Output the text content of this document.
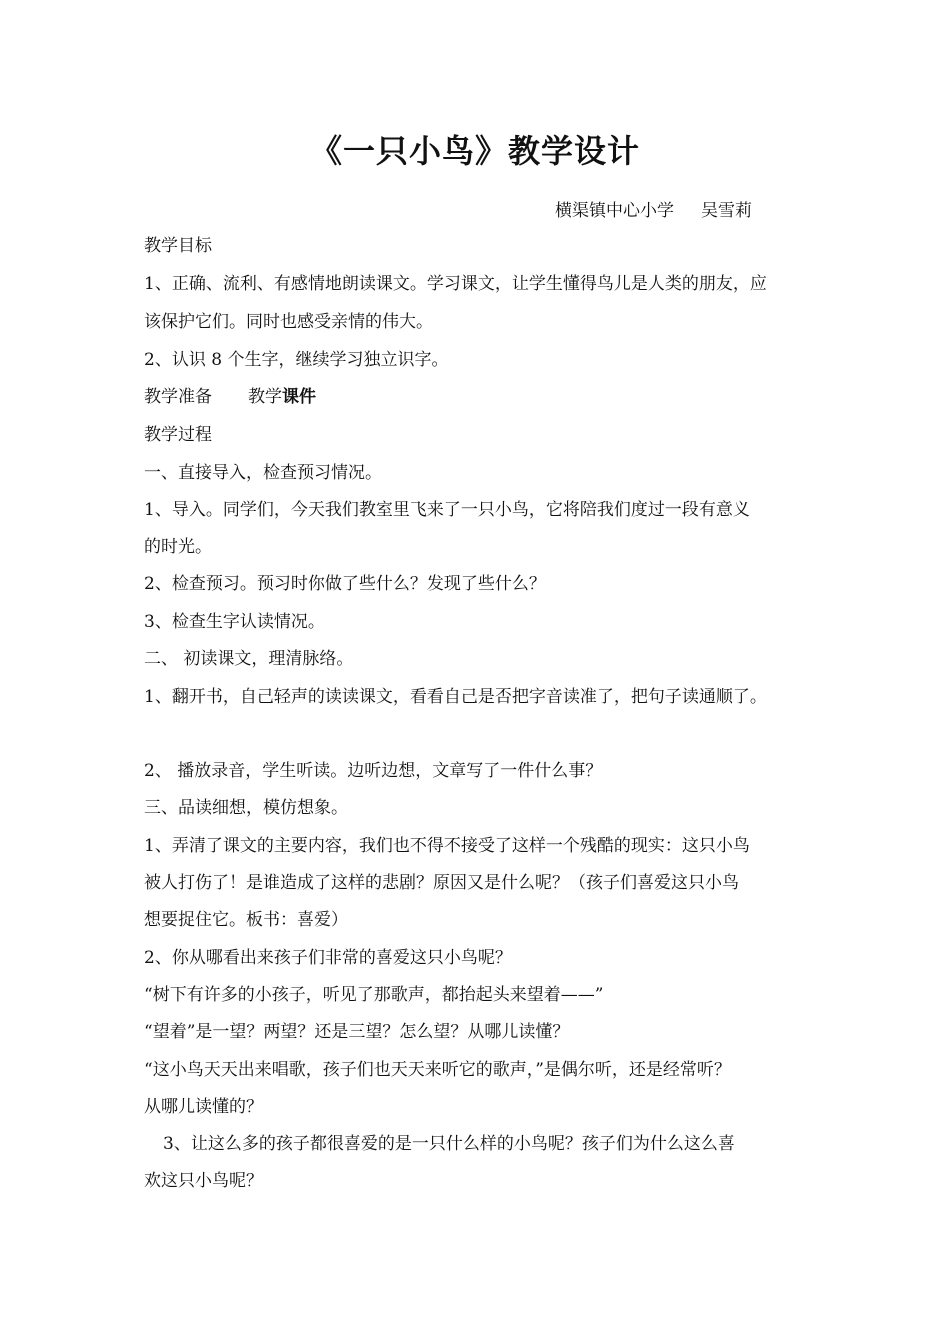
《一只小鸟》教学设计
横渠镇中心小学     吴雪莉
教学目标
1、正确、流利、有感情地朗读课文。学习课文，让学生懂得鸟儿是人类的朋友，应
该保护它们。同时也感受亲情的伟大。
2、认识 8 个生字，继续学习独立识字。
教学准备 教学课件
教学过程
一、直接导入，检查预习情况。
1、导入。同学们，今天我们教室里飞来了一只小鸟，它将陪我们度过一段有意义
的时光。
2、检查预习。预习时你做了些什么？发现了些什么？
3、检查生字认读情况。
二、 初读课文，理清脉络。
1、翻开书，自己轻声的读读课文，看看自己是否把字音读准了，把句子读通顺了。
2、 播放录音，学生听读。边听边想，文章写了一件什么事？
三、品读细想，模仿想象。
1、弄清了课文的主要内容，我们也不得不接受了这样一个残酷的现实：这只小鸟
被人打伤了！是谁造成了这样的悲剧？原因又是什么呢？（孩子们喜爱这只小鸟
想要捉住它。板书：喜爱）
2、你从哪看出来孩子们非常的喜爱这只小鸟呢？
“树下有许多的小孩子，听见了那歌声，都抬起头来望着——”
“望着”是一望？两望？还是三望？怎么望？从哪儿读懂？
“这小鸟天天出来唱歌，孩子们也天天来听它的歌声，”是偶尔听，还是经常听？
从哪儿读懂的？
3、让这么多的孩子都很喜爱的是一只什么样的小鸟呢？孩子们为什么这么喜
欢这只小鸟呢？
